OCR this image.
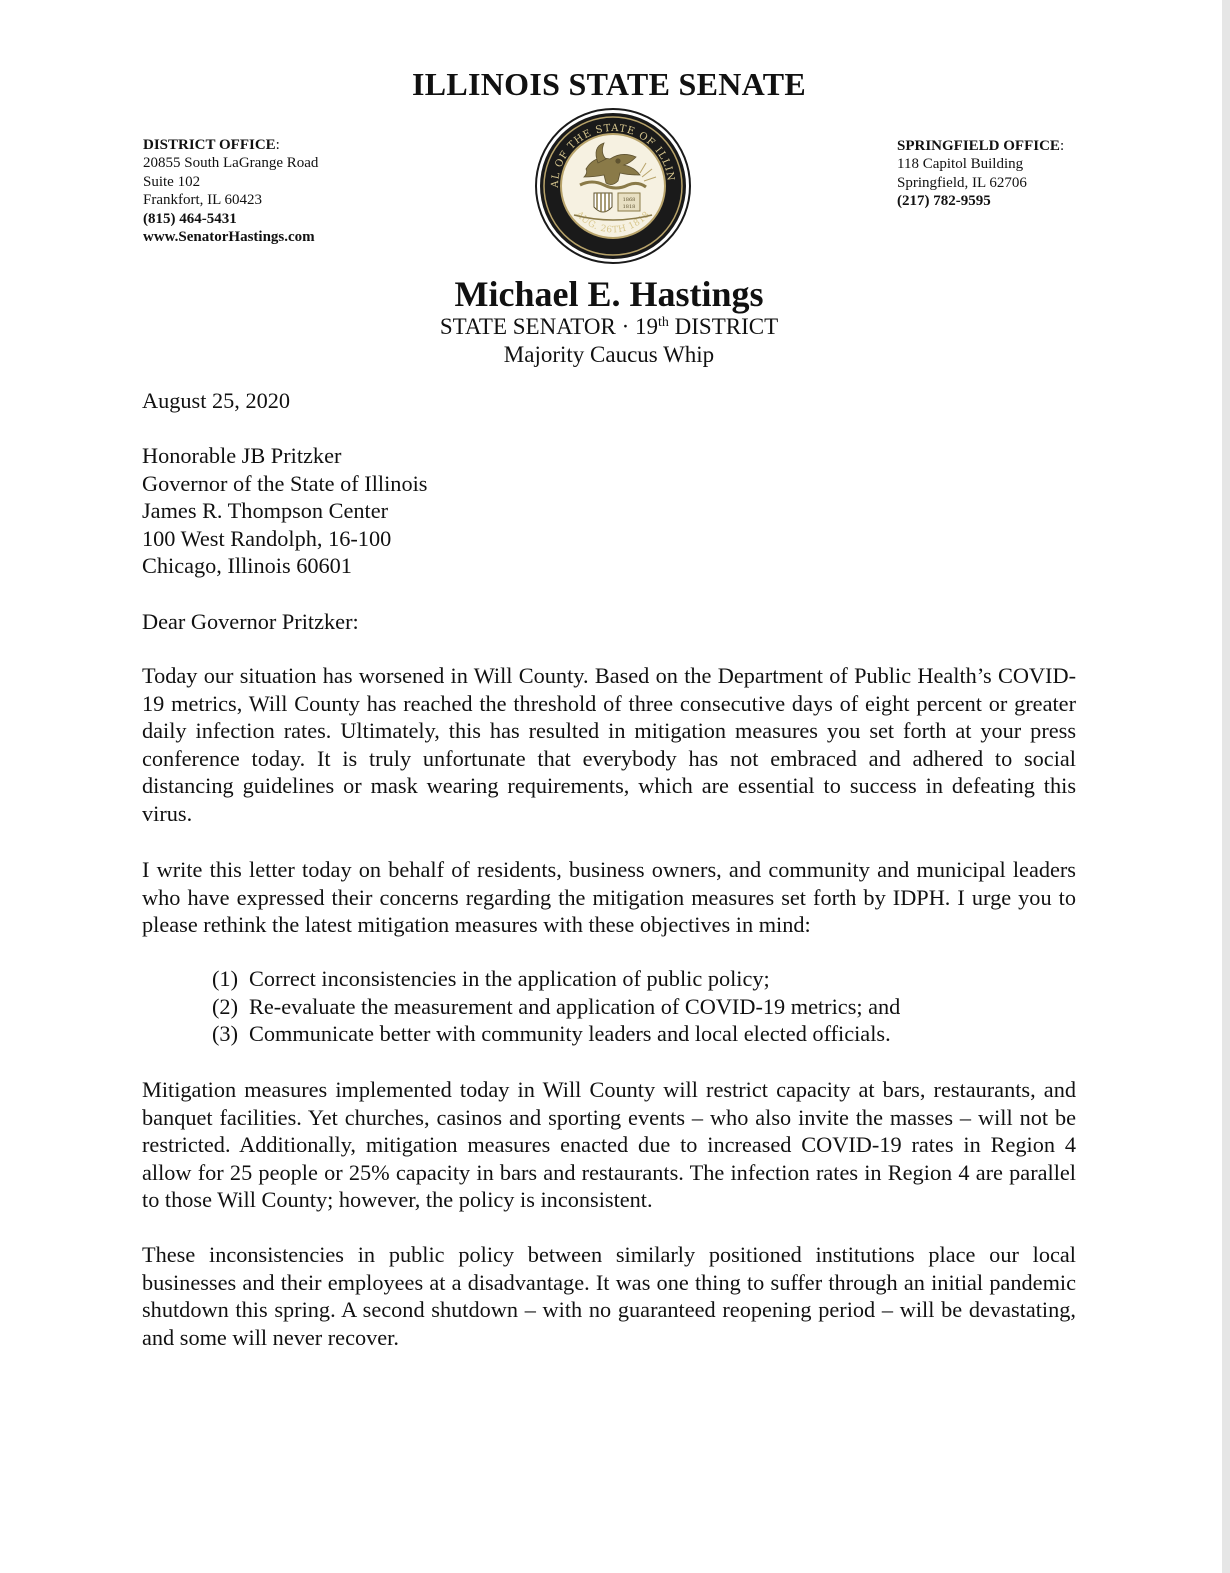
ILLINOIS STATE SENATE
DISTRICT OFFICE:
20855 South LaGrange Road
Suite 102
Frankfort, IL 60423
(815) 464-5431
www.SenatorHastings.com
AL OF THE STATE OF ILLIN
AUG. 26TH 1818
1868
1818
SPRINGFIELD OFFICE:
118 Capitol Building
Springfield, IL 62706
(217) 782-9595
Michael E. Hastings
STATE SENATOR · 19th DISTRICT
Majority Caucus Whip
August 25, 2020
Honorable JB Pritzker
Governor of the State of Illinois
James R. Thompson Center
100 West Randolph, 16-100
Chicago, Illinois 60601
Dear Governor Pritzker:
Today our situation has worsened in Will County. Based on the Department of Public Health’s COVID-19 metrics, Will County has reached the threshold of three consecutive days of eight percent or greater daily infection rates. Ultimately, this has resulted in mitigation measures you set forth at your press conference today. It is truly unfortunate that everybody has not embraced and adhered to social distancing guidelines or mask wearing requirements, which are essential to success in defeating this virus.
I write this letter today on behalf of residents, business owners, and community and municipal leaders who have expressed their concerns regarding the mitigation measures set forth by IDPH. I urge you to please rethink the latest mitigation measures with these objectives in mind:
(1) Correct inconsistencies in the application of public policy;
(2) Re-evaluate the measurement and application of COVID-19 metrics; and
(3) Communicate better with community leaders and local elected officials.
Mitigation measures implemented today in Will County will restrict capacity at bars, restaurants, and banquet facilities. Yet churches, casinos and sporting events – who also invite the masses – will not be restricted. Additionally, mitigation measures enacted due to increased COVID-19 rates in Region 4 allow for 25 people or 25% capacity in bars and restaurants. The infection rates in Region 4 are parallel to those Will County; however, the policy is inconsistent.
These inconsistencies in public policy between similarly positioned institutions place our local businesses and their employees at a disadvantage. It was one thing to suffer through an initial pandemic shutdown this spring. A second shutdown – with no guaranteed reopening period – will be devastating, and some will never recover.
